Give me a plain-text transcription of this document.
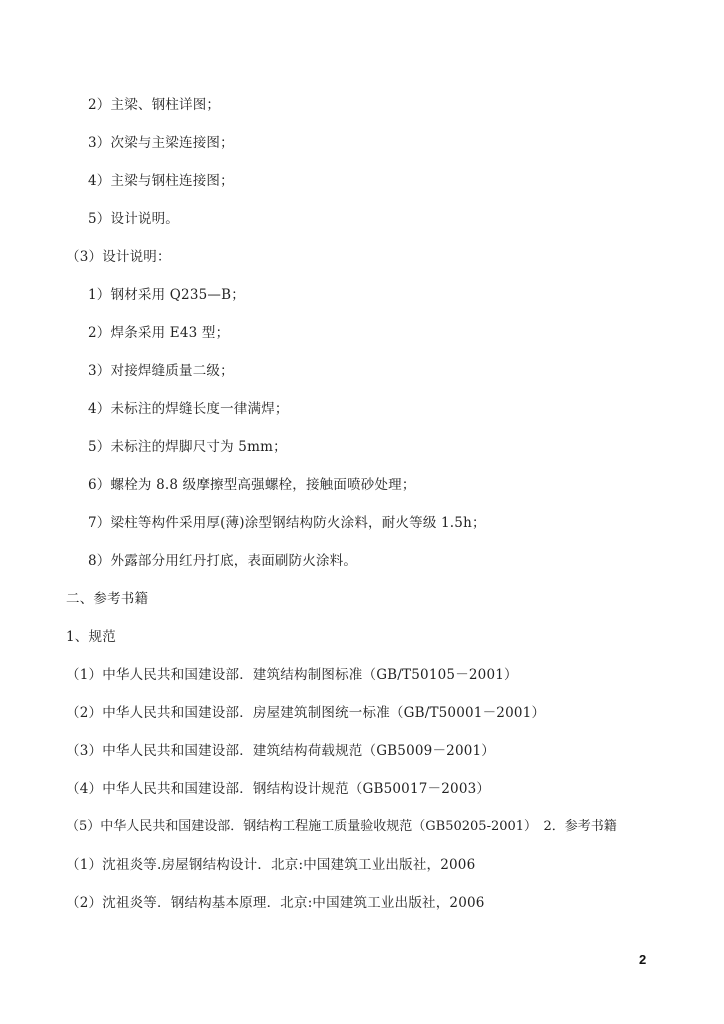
2）主梁、钢柱详图；
3）次梁与主梁连接图；
4）主梁与钢柱连接图；
5）设计说明。
（3）设计说明：
1）钢材采用 Q235—B；
2）焊条采用 E43 型；
3）对接焊缝质量二级；
4）未标注的焊缝长度一律满焊；
5）未标注的焊脚尺寸为 5mm；
6）螺栓为 8.8 级摩擦型高强螺栓，接触面喷砂处理；
7）梁柱等构件采用厚(薄)涂型钢结构防火涂料，耐火等级 1.5h；
8）外露部分用红丹打底，表面刷防火涂料。
二、参考书籍
1、规范
（1）中华人民共和国建设部．建筑结构制图标准（GB/T50105－2001）
（2）中华人民共和国建设部．房屋建筑制图统一标准（GB/T50001－2001）
（3）中华人民共和国建设部．建筑结构荷载规范（GB5009－2001）
（4）中华人民共和国建设部．钢结构设计规范（GB50017－2003）
（5）中华人民共和国建设部．钢结构工程施工质量验收规范（GB50205-2001）　2．参考书籍
（1）沈祖炎等.房屋钢结构设计．北京:中国建筑工业出版社，2006
（2）沈祖炎等．钢结构基本原理．北京:中国建筑工业出版社，2006
2
